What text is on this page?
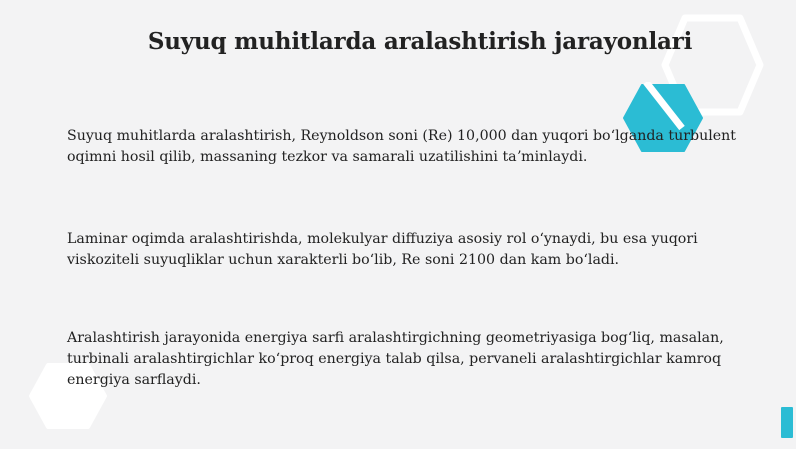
Suyuq muhitlarda aralashtirish jarayonlari

Suyuq muhitlarda aralashtirish, Reynoldson soni (Re) 10,000 dan yuqori boʻlganda turbulent oqimni hosil qilib, massaning tezkor va samarali uzatilishini taʼminlaydi.

Laminar oqimda aralashtirishda, molekulyar diffuziya asosiy rol oʻynaydi, bu esa yuqori viskoziteli suyuqliklar uchun xarakterli boʻlib, Re soni 2100 dan kam boʻladi.

Aralashtirish jarayonida energiya sarfi aralashtirgichning geometriyasiga bogʻliq, masalan, turbinali aralashtirgichlar koʻproq energiya talab qilsa, pervaneli aralashtirgichlar kamroq energiya sarflaydi.
